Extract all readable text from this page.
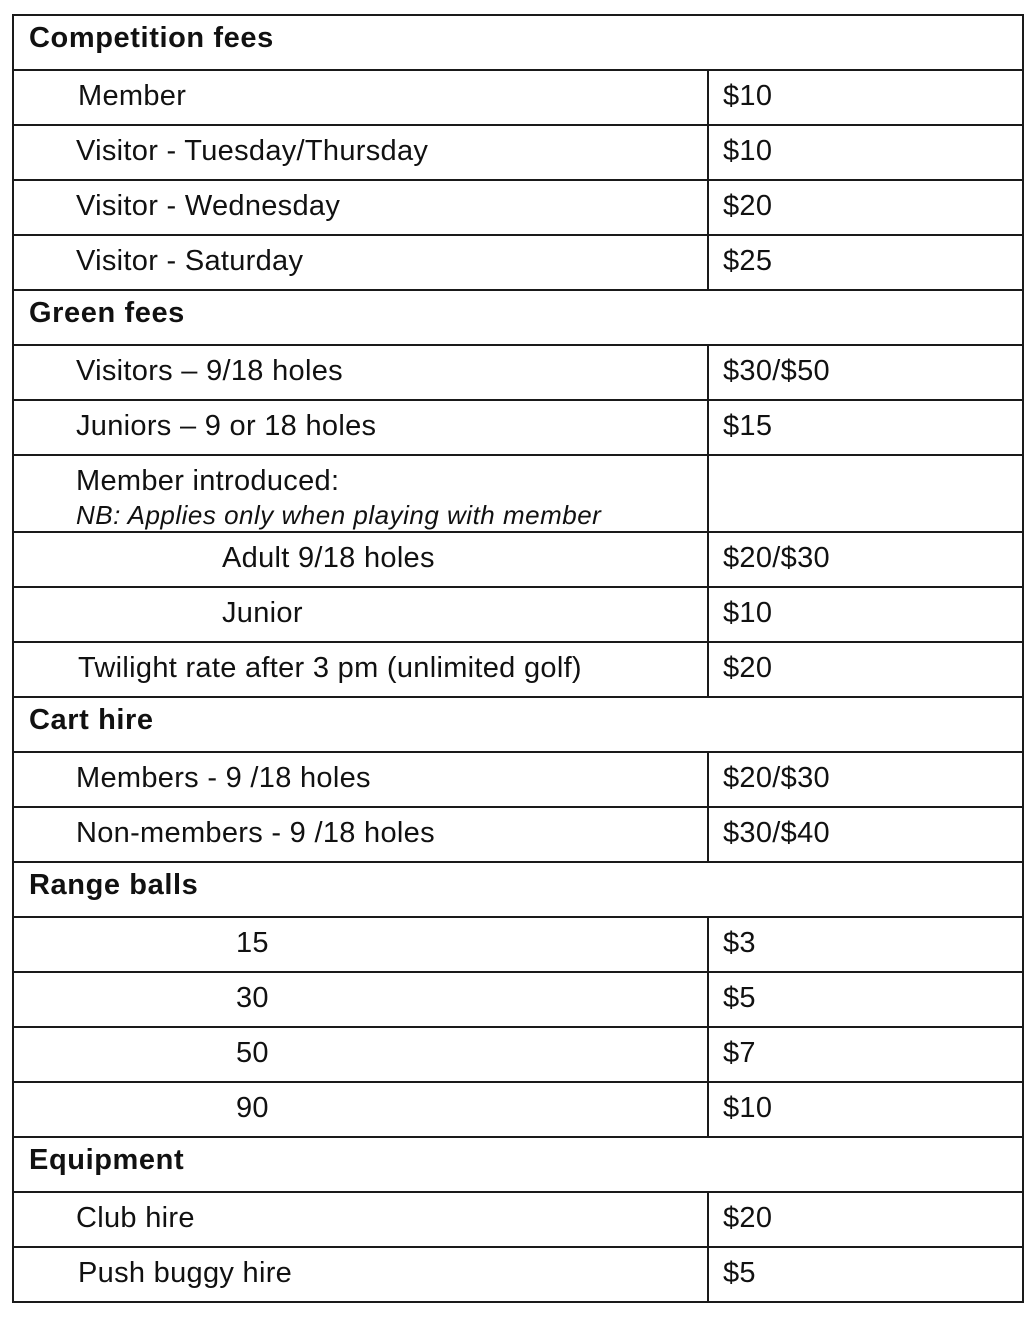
Competition fees	
Member	$10
Visitor - Tuesday/Thursday	$10
Visitor - Wednesday	$20
Visitor - Saturday	$25
Green fees	
Visitors – 9/18 holes	$30/$50
Juniors – 9 or 18 holes	$15
Member introduced:
NB: Applies only when playing with member	

Adult 9/18 holes	$20/$30
Junior	$10
Twilight rate after 3 pm (unlimited golf)	$20
Cart hire	
Members - 9 /18 holes	$20/$30
Non-members - 9 /18 holes	$30/$40
Range balls	
15	$3
30	$5
50	$7
90	$10
Equipment	
Club hire	$20
Push buggy hire	$5
